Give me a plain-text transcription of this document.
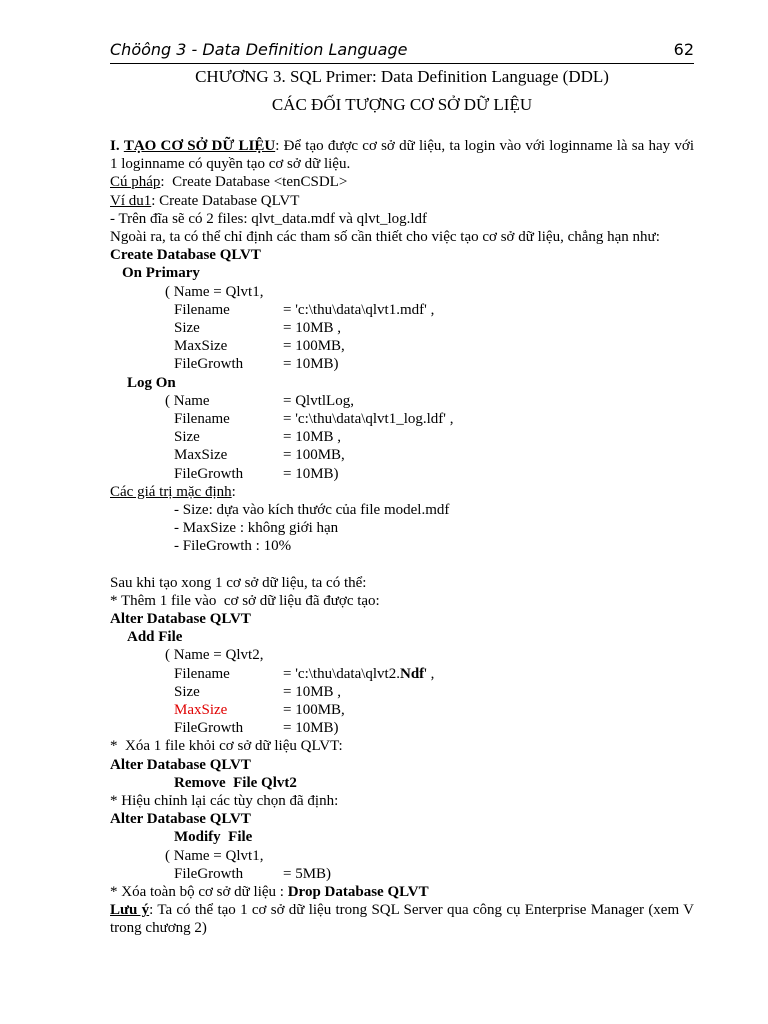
Chöông 3 - Data Definition Language	62
CHƯƠNG 3. SQL Primer: Data Definition Language (DDL)
CÁC ĐỐI TƯỢNG CƠ SỞ DỮ LIỆU
I. TẠO CƠ SỞ DỮ LIỆU: Để tạo được cơ sở dữ liệu, ta login vào với loginname là sa hay với 1 loginname có quyền tạo cơ sở dữ liệu.
Cú pháp:  Create Database <tenCSDL>
Ví du1: Create Database QLVT
- Trên đĩa sẽ có 2 files: qlvt_data.mdf và qlvt_log.ldf
Ngoài ra, ta có thể chỉ định các tham số cần thiết cho việc tạo cơ sở dữ liệu, chẳng hạn như:
Create Database QLVT
On Primary
( Name = Qlvt1,
Filename	= 'c:\thu\data\qlvt1.mdf' ,
Size	= 10MB ,
MaxSize	= 100MB,
FileGrowth	= 10MB)
Log On
( Name	= QlvtlLog,
Filename	= 'c:\thu\data\qlvt1_log.ldf' ,
Size	= 10MB ,
MaxSize	= 100MB,
FileGrowth	= 10MB)
Các giá trị mặc định:
- Size: dựa vào kích thước của file model.mdf
- MaxSize : không giới hạn
- FileGrowth : 10%
Sau khi tạo xong 1 cơ sở dữ liệu, ta có thể:
* Thêm 1 file vào  cơ sở dữ liệu đã được tạo:
Alter Database QLVT
Add File
( Name = Qlvt2,
Filename	= 'c:\thu\data\qlvt2. Ndf ' ,
Size	= 10MB ,
MaxSize	= 100MB,
FileGrowth	= 10MB)
*  Xóa 1 file khỏi cơ sở dữ liệu QLVT:
Alter Database QLVT
Remove  File Qlvt2
* Hiệu chỉnh lại các tùy chọn đã định:
Alter Database QLVT
Modify  File
( Name = Qlvt1,
FileGrowth	= 5MB)
* Xóa toàn bộ cơ sở dữ liệu : Drop Database QLVT
Lưu ý: Ta có thể tạo 1 cơ sở dữ liệu trong SQL Server qua công cụ Enterprise Manager (xem V trong chương 2)
